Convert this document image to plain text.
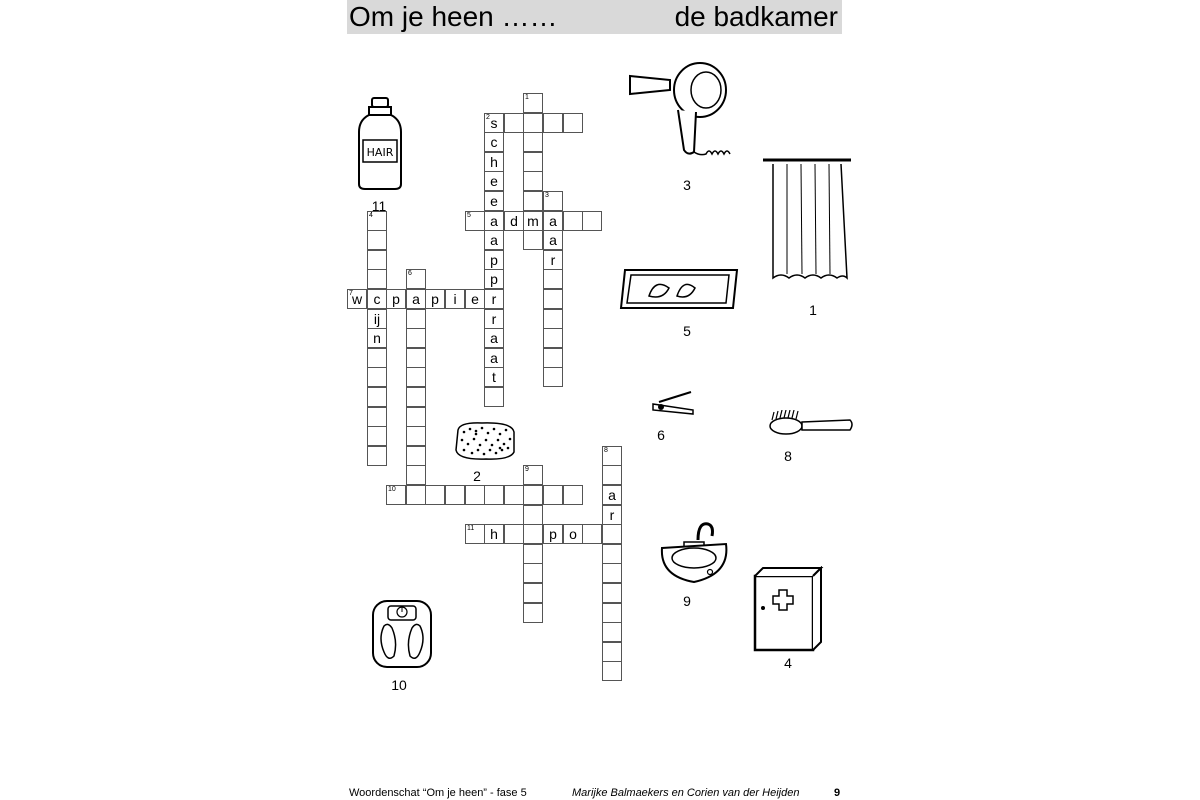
Om je heen ……	de badkamer
1
m
2 s
c
h
e
e
a
a
p
p
r
r
a
a
t
3
a
a
r
4
c
ij
n
5	d
6
a
7 w	p	p	i	e
8
a
r
9
10
11	h	p o
HAIR
11
3
1
5
6
8
2
9
4
10
Woordenschat “Om je heen” - fase 5	Marijke Balmaekers en Corien van der Heijden	9
